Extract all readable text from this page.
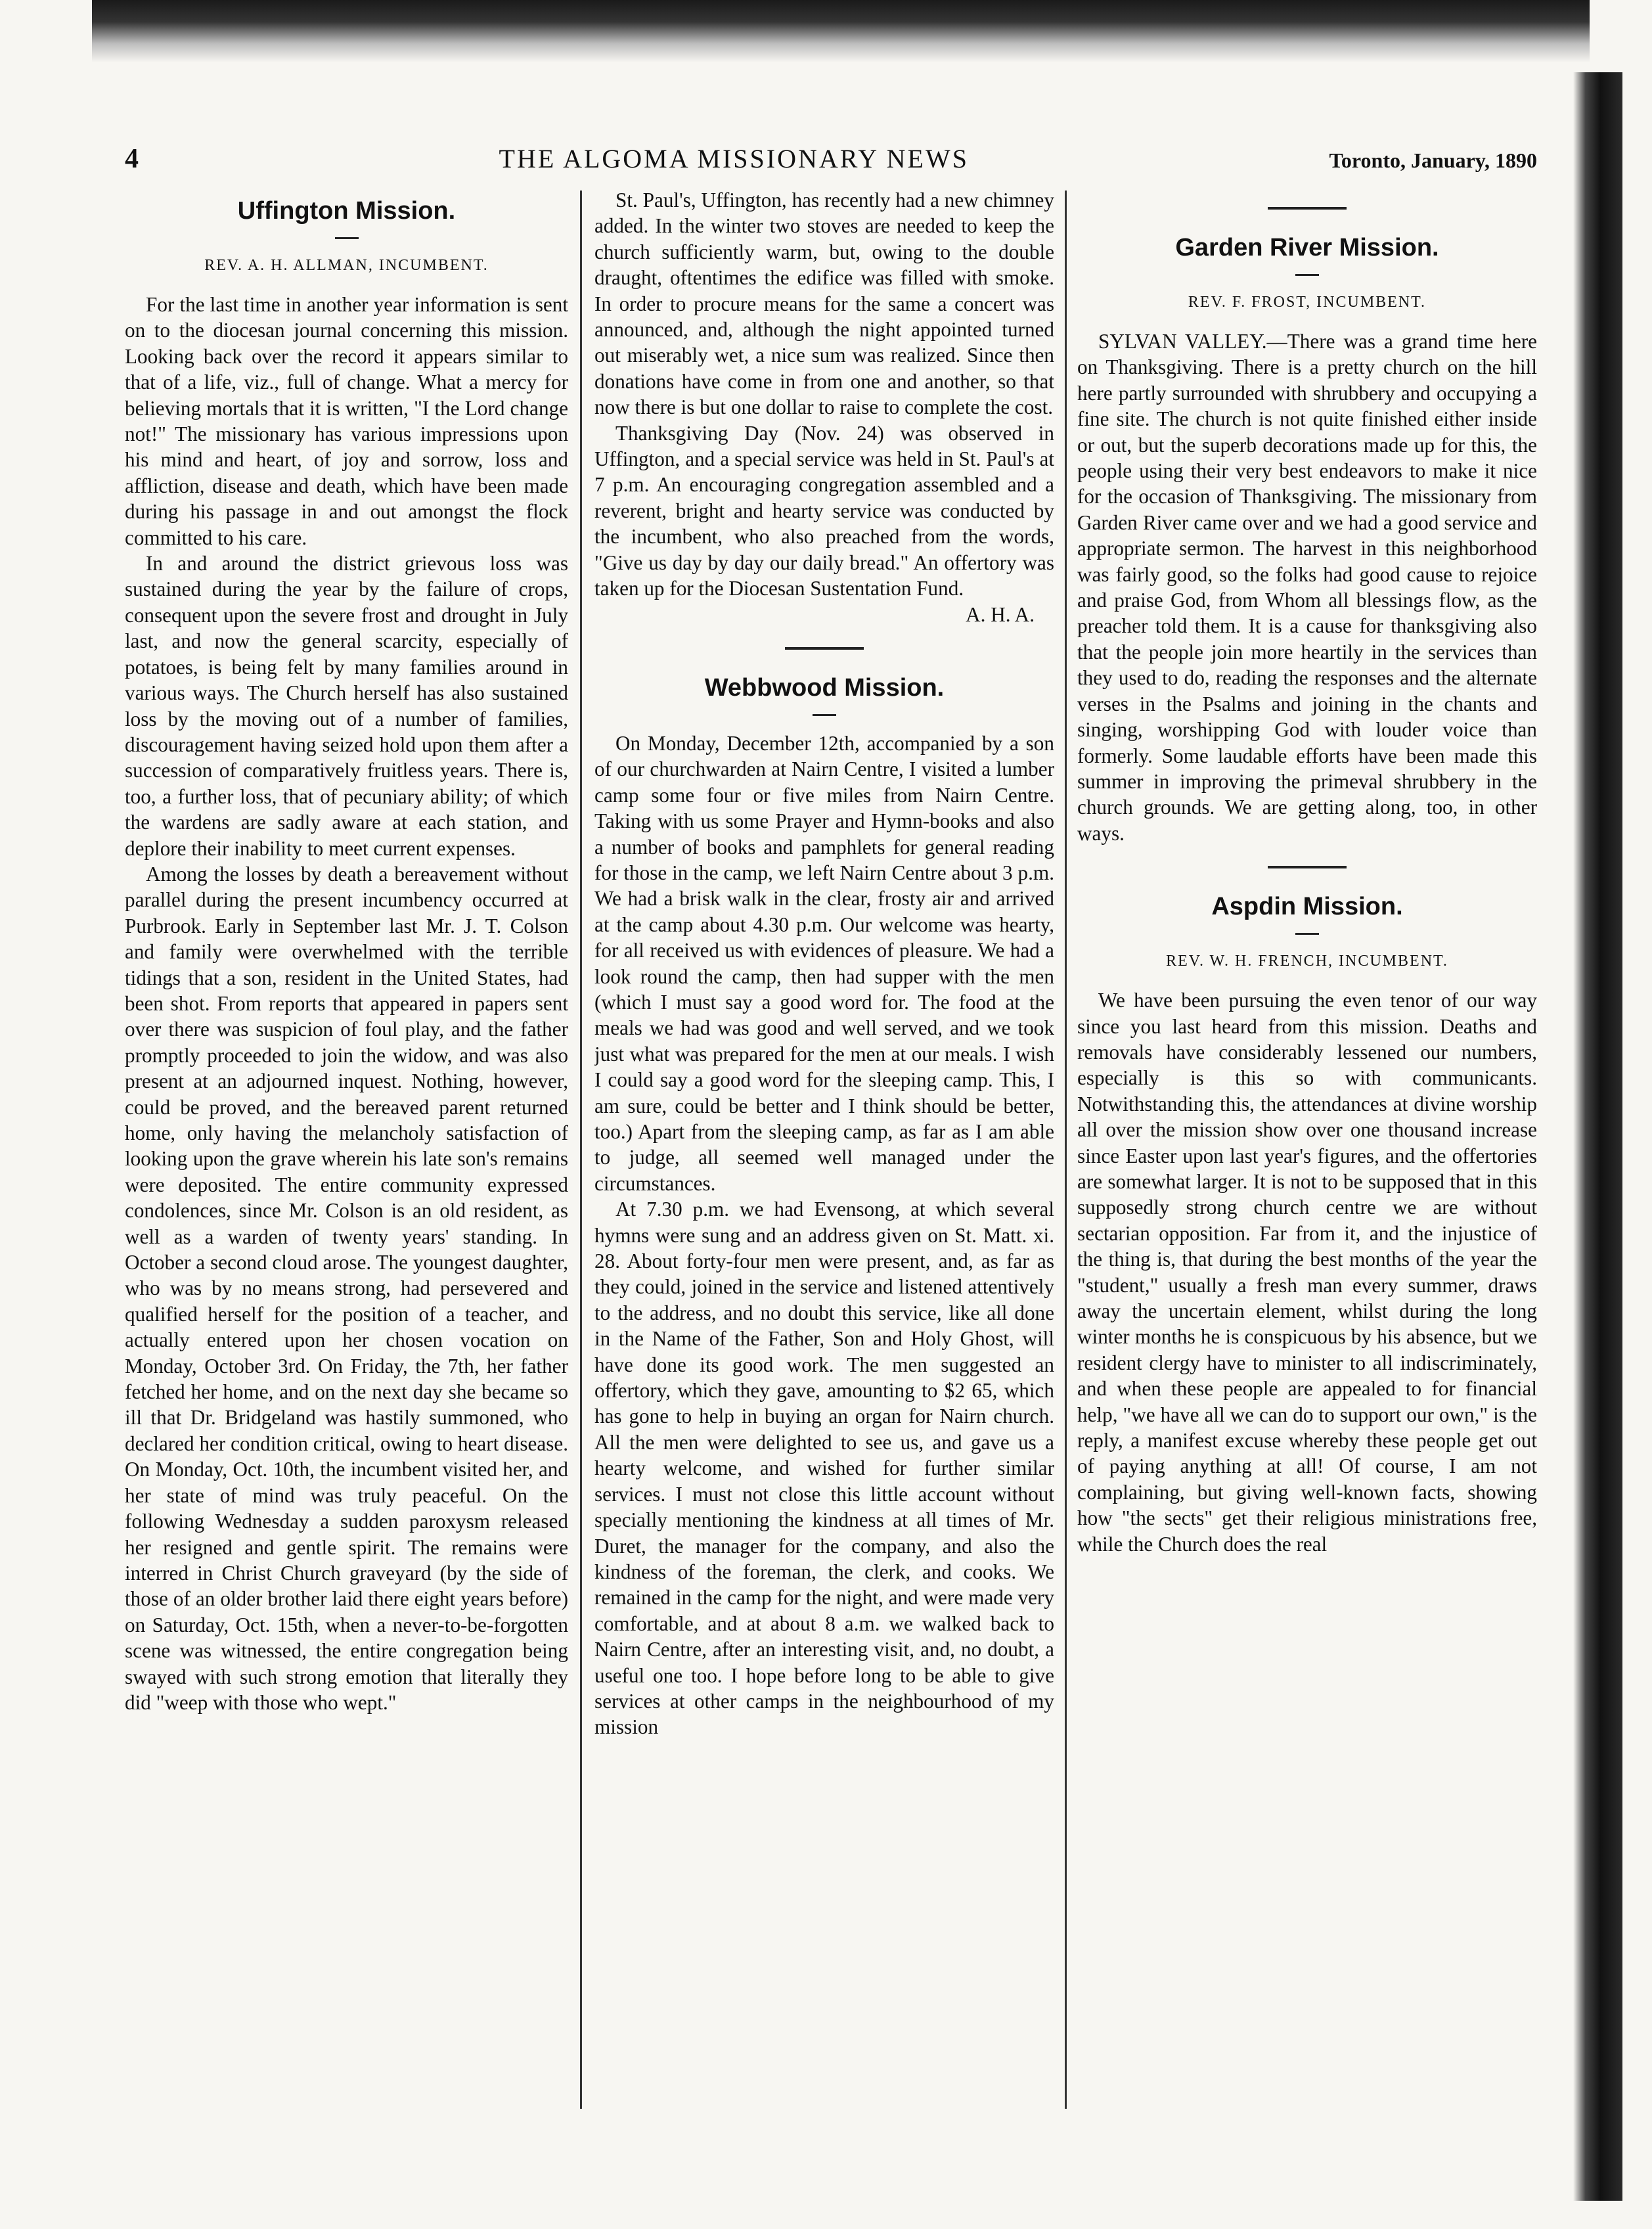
4	THE ALGOMA MISSIONARY NEWS	Toronto, January, 1890
Uffington Mission.
REV. A. H. ALLMAN, INCUMBENT.

For the last time in another year information is sent on to the diocesan journal concerning this mission. Looking back over the record it appears similar to that of a life, viz., full of change. What a mercy for believing mortals that it is written, "I the Lord change not!" The missionary has various impressions upon his mind and heart, of joy and sorrow, loss and affliction, disease and death, which have been made during his passage in and out amongst the flock committed to his care.

In and around the district grievous loss was sustained during the year by the failure of crops, consequent upon the severe frost and drought in July last, and now the general scarcity, especially of potatoes, is being felt by many families around in various ways. The Church herself has also sustained loss by the moving out of a number of families, discouragement having seized hold upon them after a succession of comparatively fruitless years. There is, too, a further loss, that of pecuniary ability; of which the wardens are sadly aware at each station, and deplore their inability to meet current expenses.

Among the losses by death a bereavement without parallel during the present incumbency occurred at Purbrook. Early in September last Mr. J. T. Colson and family were overwhelmed with the terrible tidings that a son, resident in the United States, had been shot. From reports that appeared in papers sent over there was suspicion of foul play, and the father promptly proceeded to join the widow, and was also present at an adjourned inquest. Nothing, however, could be proved, and the bereaved parent returned home, only having the melancholy satisfaction of looking upon the grave wherein his late son's remains were deposited. The entire community expressed condolences, since Mr. Colson is an old resident, as well as a warden of twenty years' standing. In October a second cloud arose. The youngest daughter, who was by no means strong, had persevered and qualified herself for the position of a teacher, and actually entered upon her chosen vocation on Monday, October 3rd. On Friday, the 7th, her father fetched her home, and on the next day she became so ill that Dr. Bridgeland was hastily summoned, who declared her condition critical, owing to heart disease. On Monday, Oct. 10th, the incumbent visited her, and her state of mind was truly peaceful. On the following Wednesday a sudden paroxysm released her resigned and gentle spirit. The remains were interred in Christ Church graveyard (by the side of those of an older brother laid there eight years before) on Saturday, Oct. 15th, when a never-to-be-forgotten scene was witnessed, the entire congregation being swayed with such strong emotion that literally they did "weep with those who wept."

St. Paul's, Uffington, has recently had a new chimney added. In the winter two stoves are needed to keep the church sufficiently warm, but, owing to the double draught, oftentimes the edifice was filled with smoke. In order to procure means for the same a concert was announced, and, although the night appointed turned out miserably wet, a nice sum was realized. Since then donations have come in from one and another, so that now there is but one dollar to raise to complete the cost.

Thanksgiving Day (Nov. 24) was observed in Uffington, and a special service was held in St. Paul's at 7 p.m. An encouraging congregation assembled and a reverent, bright and hearty service was conducted by the incumbent, who also preached from the words, "Give us day by day our daily bread." An offertory was taken up for the Diocesan Sustentation Fund.

A. H. A.
Webbwood Mission.

On Monday, December 12th, accompanied by a son of our churchwarden at Nairn Centre, I visited a lumber camp some four or five miles from Nairn Centre. Taking with us some Prayer and Hymn-books and also a number of books and pamphlets for general reading for those in the camp, we left Nairn Centre about 3 p.m. We had a brisk walk in the clear, frosty air and arrived at the camp about 4.30 p.m. Our welcome was hearty, for all received us with evidences of pleasure. We had a look round the camp, then had supper with the men (which I must say a good word for. The food at the meals we had was good and well served, and we took just what was prepared for the men at our meals. I wish I could say a good word for the sleeping camp. This, I am sure, could be better and I think should be better, too.) Apart from the sleeping camp, as far as I am able to judge, all seemed well managed under the circumstances.

At 7.30 p.m. we had Evensong, at which several hymns were sung and an address given on St. Matt. xi. 28. About forty-four men were present, and, as far as they could, joined in the service and listened attentively to the address, and no doubt this service, like all done in the Name of the Father, Son and Holy Ghost, will have done its good work. The men suggested an offertory, which they gave, amounting to $2 65, which has gone to help in buying an organ for Nairn church. All the men were delighted to see us, and gave us a hearty welcome, and wished for further similar services. I must not close this little account without specially mentioning the kindness at all times of Mr. Duret, the manager for the company, and also the kindness of the foreman, the clerk, and cooks. We remained in the camp for the night, and were made very comfortable, and at about 8 a.m. we walked back to Nairn Centre, after an interesting visit, and, no doubt, a useful one too. I hope before long to be able to give services at other camps in the neighbourhood of my mission

Garden River Mission.
REV. F. FROST, INCUMBENT.

SYLVAN VALLEY.—There was a grand time here on Thanksgiving. There is a pretty church on the hill here partly surrounded with shrubbery and occupying a fine site. The church is not quite finished either inside or out, but the superb decorations made up for this, the people using their very best endeavors to make it nice for the occasion of Thanksgiving. The missionary from Garden River came over and we had a good service and appropriate sermon. The harvest in this neighborhood was fairly good, so the folks had good cause to rejoice and praise God, from Whom all blessings flow, as the preacher told them. It is a cause for thanksgiving also that the people join more heartily in the services than they used to do, reading the responses and the alternate verses in the Psalms and joining in the chants and singing, worshipping God with louder voice than formerly. Some laudable efforts have been made this summer in improving the primeval shrubbery in the church grounds. We are getting along, too, in other ways.

Aspdin Mission.
REV. W. H. FRENCH, INCUMBENT.

We have been pursuing the even tenor of our way since you last heard from this mission. Deaths and removals have considerably lessened our numbers, especially is this so with communicants. Notwithstanding this, the attendances at divine worship all over the mission show over one thousand increase since Easter upon last year's figures, and the offertories are somewhat larger. It is not to be supposed that in this supposedly strong church centre we are without sectarian opposition. Far from it, and the injustice of the thing is, that during the best months of the year the "student," usually a fresh man every summer, draws away the uncertain element, whilst during the long winter months he is conspicuous by his absence, but we resident clergy have to minister to all indiscriminately, and when these people are appealed to for financial help, "we have all we can do to support our own," is the reply, a manifest excuse whereby these people get out of paying anything at all! Of course, I am not complaining, but giving well-known facts, showing how "the sects" get their religious ministrations free, while the Church does the real
